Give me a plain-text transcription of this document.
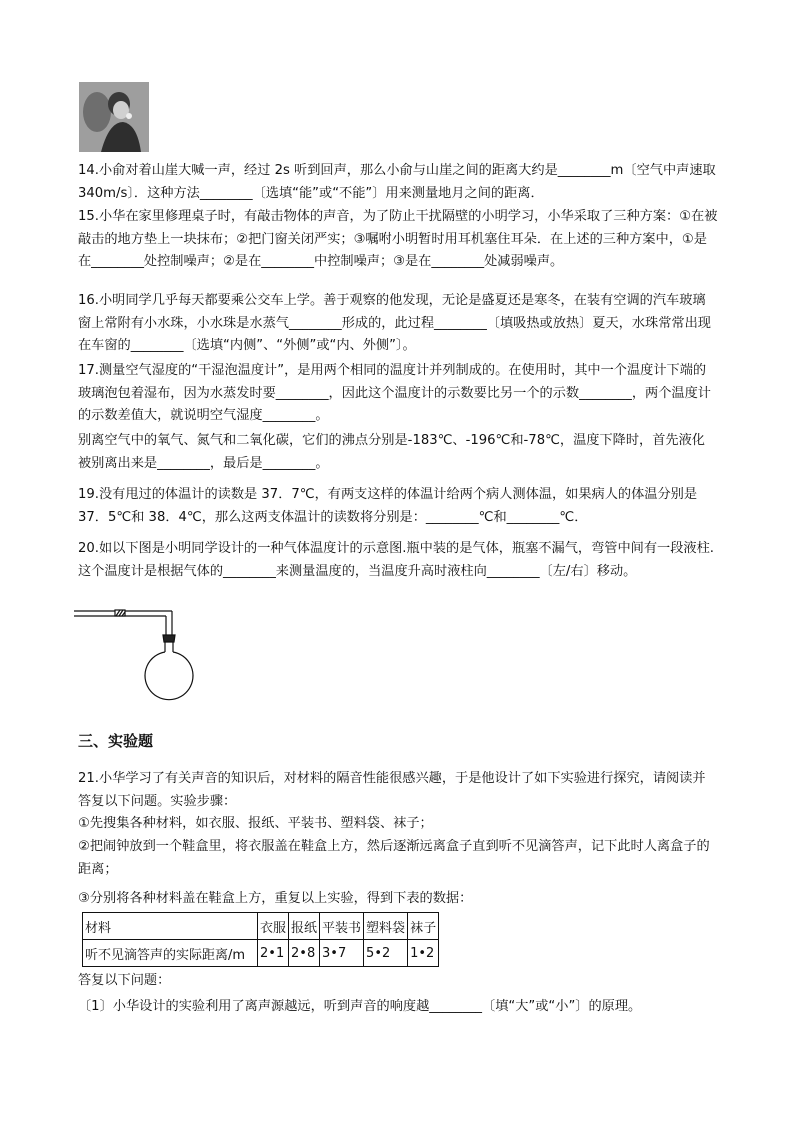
14.小俞对着山崖大喊一声，经过 2s 听到回声，那么小俞与山崖之间的距离大约是________m〔空气中声速取 340m/s〕．这种方法________〔选填“能”或“不能”〕用来测量地月之间的距离．

15.小华在家里修理桌子时，有敲击物体的声音，为了防止干扰隔壁的小明学习，小华采取了三种方案：①在被敲击的地方垫上一块抹布；②把门窗关闭严实；③嘱咐小明暂时用耳机塞住耳朵．在上述的三种方案中，①是在________处控制噪声；②是在________中控制噪声；③是在________处减弱噪声。

16.小明同学几乎每天都要乘公交车上学。善于观察的他发现，无论是盛夏还是寒冬，在装有空调的汽车玻璃窗上常附有小水珠，小水珠是水蒸气________形成的，此过程________〔填吸热或放热〕夏天，水珠常常出现在车窗的________〔选填“内侧”、“外侧”或“内、外侧”〕。

17.测量空气湿度的“干湿泡温度计”，是用两个相同的温度计并列制成的。在使用时，其中一个温度计下端的玻璃泡包着湿布，因为水蒸发时要________，因此这个温度计的示数要比另一个的示数________，两个温度计的示数差值大，就说明空气湿度________。

别离空气中的氧气、氮气和二氧化碳，它们的沸点分别是-183℃、-196℃和-78℃，温度下降时，首先液化被别离出来是________，最后是________。

19.没有甩过的体温计的读数是 37．7℃，有两支这样的体温计给两个病人测体温，如果病人的体温分别是 37．5℃和 38．4℃，那么这两支体温计的读数将分别是：________℃和________℃．

20.如以下图是小明同学设计的一种气体温度计的示意图.瓶中装的是气体，瓶塞不漏气，弯管中间有一段液柱.这个温度计是根据气体的________来测量温度的，当温度升高时液柱向________〔左/右〕移动。

三、实验题

21.小华学习了有关声音的知识后，对材料的隔音性能很感兴趣，于是他设计了如下实验进行探究，请阅读并答复以下问题。实验步骤：

①先搜集各种材料，如衣服、报纸、平装书、塑料袋、袜子；

②把闹钟放到一个鞋盒里，将衣服盖在鞋盒上方，然后逐渐远离盒子直到听不见滴答声，记下此时人离盒子的距离；

③分别将各种材料盖在鞋盒上方，重复以上实验，得到下表的数据：

材料	衣服	报纸	平装书	塑料袋	袜子
听不见滴答声的实际距离/m	2•1	2•8	3•7	5•2	1•2

答复以下问题：

〔1〕小华设计的实验利用了离声源越远，听到声音的响度越________〔填“大”或“小”〕的原理。
